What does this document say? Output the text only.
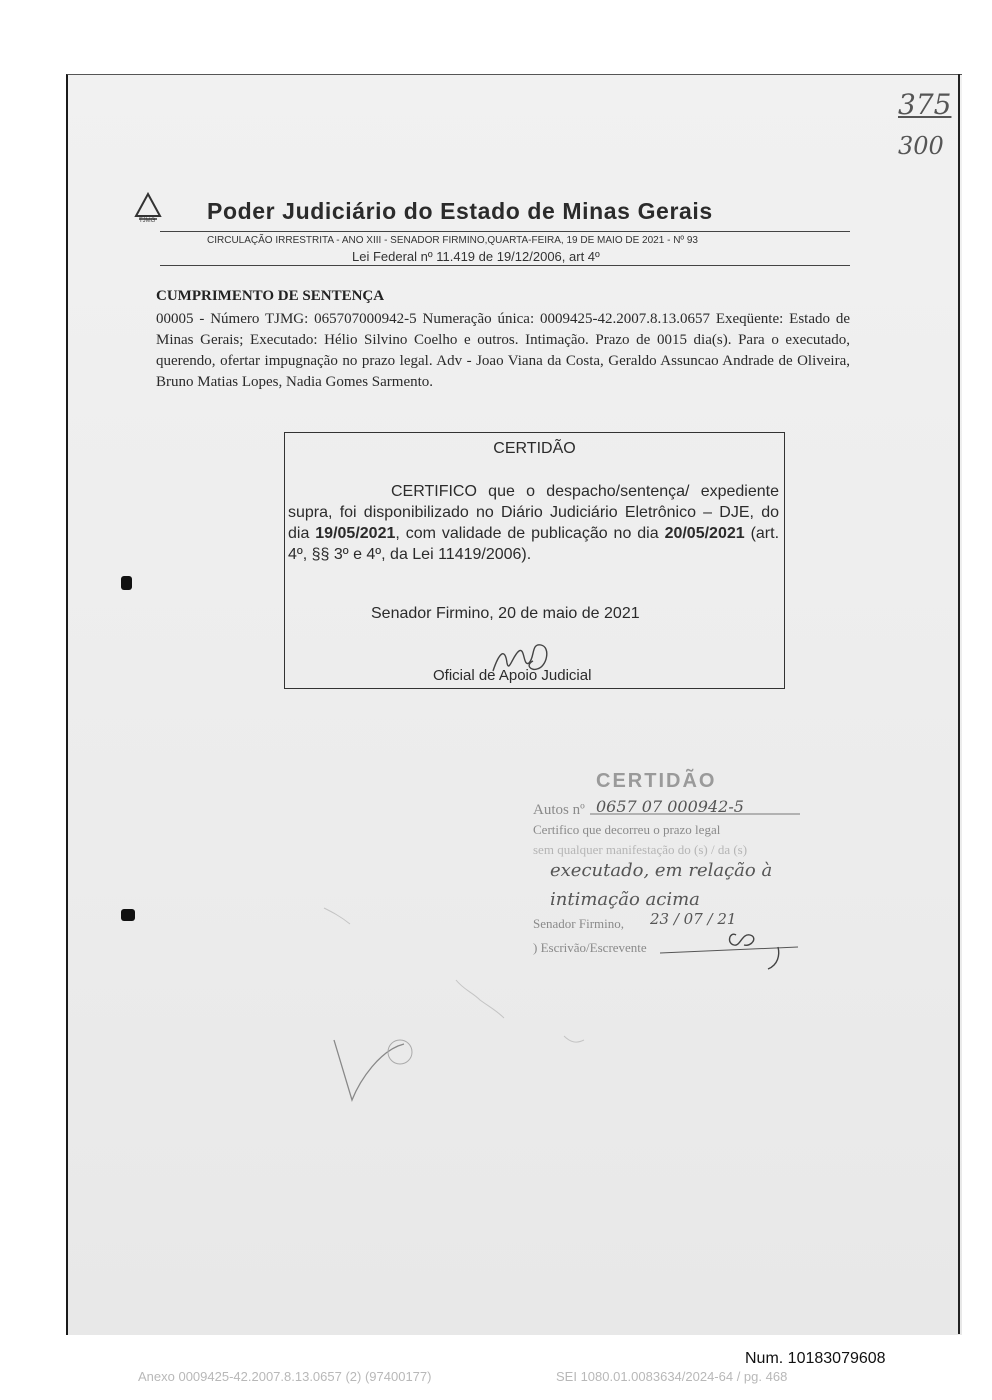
375
300
TJMG Poder Judiciário do Estado de Minas Gerais
CIRCULAÇÃO IRRESTRITA - ANO XIII - SENADOR FIRMINO,QUARTA-FEIRA, 19 DE MAIO DE 2021 - Nº 93
Lei Federal nº 11.419 de 19/12/2006, art 4º
CUMPRIMENTO DE SENTENÇA
00005 - Número TJMG: 065707000942-5 Numeração única: 0009425-42.2007.8.13.0657 Exeqüente: Estado de Minas Gerais; Executado: Hélio Silvino Coelho e outros. Intimação. Prazo de 0015 dia(s). Para o executado, querendo, ofertar impugnação no prazo legal. Adv - Joao Viana da Costa, Geraldo Assuncao Andrade de Oliveira, Bruno Matias Lopes, Nadia Gomes Sarmento.
CERTIDÃO
CERTIFICO que o despacho/sentença/ expediente supra, foi disponibilizado no Diário Judiciário Eletrônico – DJE, do dia 19/05/2021, com validade de publicação no dia 20/05/2021 (art. 4º, §§ 3º e 4º, da Lei 11419/2006).
Senador Firmino, 20 de maio de 2021
Oficial de Apoio Judicial
CERTIDÃO
Autos nº 0657 07 000942-5
Certifico que decorreu o prazo legal
sem qualquer manifestação do (s) / da (s)
executado, em relação à
intimação acima
Senador Firmino, 23 / 07 / 21
) Escrivão/Escrevente
Num. 10183079608
Anexo 0009425-42.2007.8.13.0657 (2) (97400177)	SEI 1080.01.0083634/2024-64 / pg. 468
